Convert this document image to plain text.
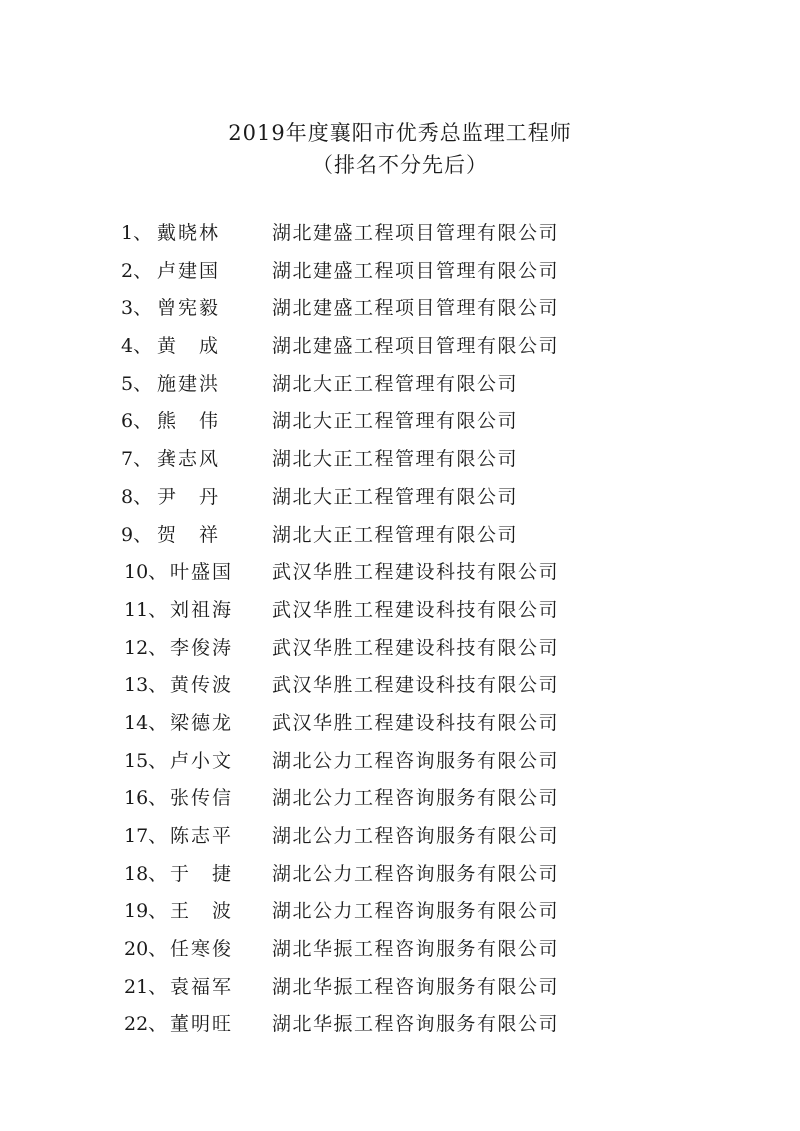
2019年度襄阳市优秀总监理工程师
（排名不分先后）
1、 戴晓林	湖北建盛工程项目管理有限公司
2、 卢建国	湖北建盛工程项目管理有限公司
3、 曾宪毅	湖北建盛工程项目管理有限公司
4、 黄　成	湖北建盛工程项目管理有限公司
5、 施建洪	湖北大正工程管理有限公司
6、 熊　伟	湖北大正工程管理有限公司
7、 龚志风	湖北大正工程管理有限公司
8、 尹　丹	湖北大正工程管理有限公司
9、 贺　祥	湖北大正工程管理有限公司
10、 叶盛国	武汉华胜工程建设科技有限公司
11、 刘祖海	武汉华胜工程建设科技有限公司
12、 李俊涛	武汉华胜工程建设科技有限公司
13、 黄传波	武汉华胜工程建设科技有限公司
14、 梁德龙	武汉华胜工程建设科技有限公司
15、 卢小文	湖北公力工程咨询服务有限公司
16、 张传信	湖北公力工程咨询服务有限公司
17、 陈志平	湖北公力工程咨询服务有限公司
18、 于　捷	湖北公力工程咨询服务有限公司
19、 王　波	湖北公力工程咨询服务有限公司
20、 任寒俊	湖北华振工程咨询服务有限公司
21、 袁福军	湖北华振工程咨询服务有限公司
22、 董明旺	湖北华振工程咨询服务有限公司
